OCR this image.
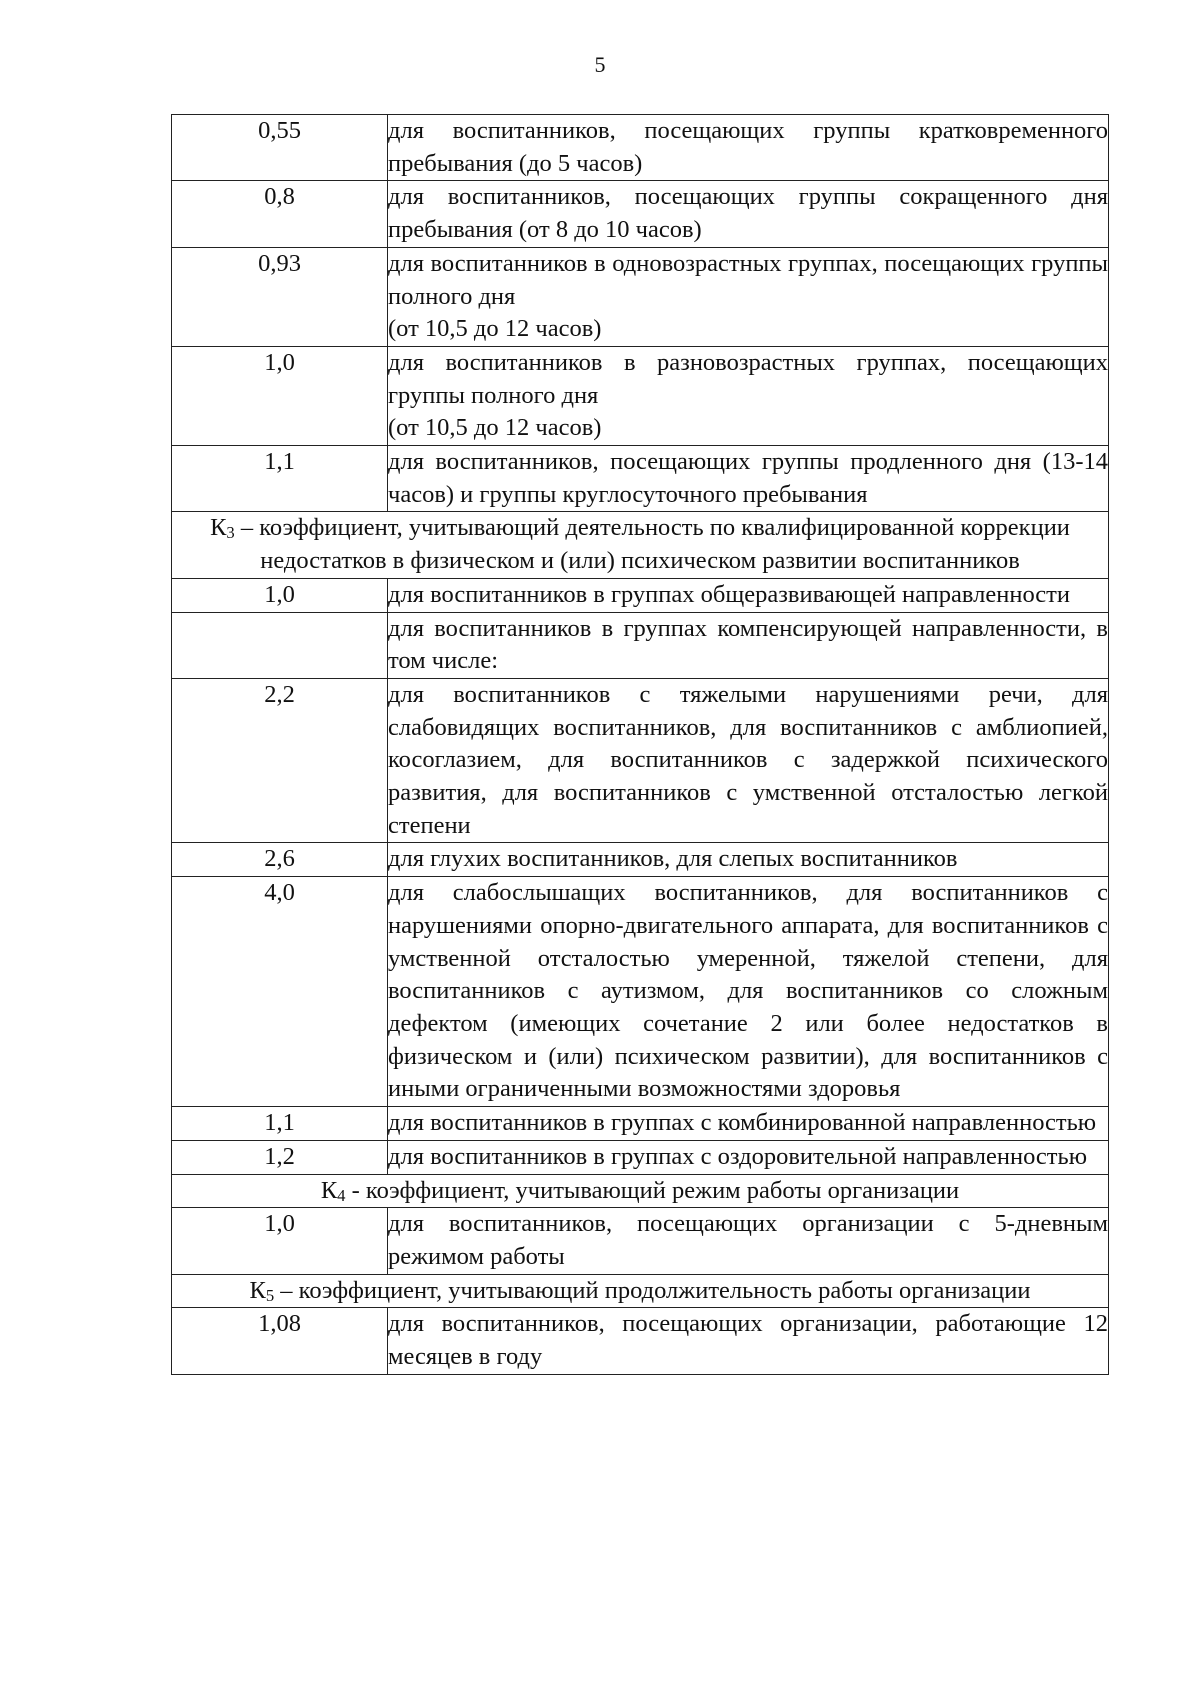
5
0,55	для воспитанников, посещающих группы кратковременного пребывания (до 5 часов)
0,8	для воспитанников, посещающих группы сокращенного дня пребывания (от 8 до 10 часов)
0,93	для воспитанников в одновозрастных группах, посещающих группы полного дня
(от 10,5 до 12 часов)
1,0	для воспитанников в разновозрастных группах, посещающих группы полного дня
(от 10,5 до 12 часов)
1,1	для воспитанников, посещающих группы продленного дня (13-14 часов) и группы круглосуточного пребывания
К3 – коэффициент, учитывающий деятельность по квалифицированной коррекции недостатков в физическом и (или) психическом развитии воспитанников	
1,0	для воспитанников в группах общеразвивающей направленности
	для воспитанников в группах компенсирующей направленности, в том числе:
2,2	для воспитанников с тяжелыми нарушениями речи, для слабовидящих воспитанников, для воспитанников с амблиопией, косоглазием, для воспитанников с задержкой психического развития, для воспитанников с умственной отсталостью легкой степени
2,6	для глухих воспитанников, для слепых воспитанников
4,0	для слабослышащих воспитанников, для воспитанников с нарушениями опорно-двигательного аппарата, для воспитанников с умственной отсталостью умеренной, тяжелой степени, для воспитанников с аутизмом, для воспитанников со сложным дефектом (имеющих сочетание 2 или более недостатков в физическом и (или) психическом развитии), для воспитанников с иными ограниченными возможностями здоровья
1,1	для воспитанников в группах с комбинированной направленностью
1,2	для воспитанников в группах с оздоровительной направленностью
К4 - коэффициент, учитывающий режим работы организации	
1,0	для воспитанников, посещающих организации с 5-дневным режимом работы
К5 – коэффициент, учитывающий продолжительность работы организации	
1,08	для воспитанников, посещающих организации, работающие 12 месяцев в году
